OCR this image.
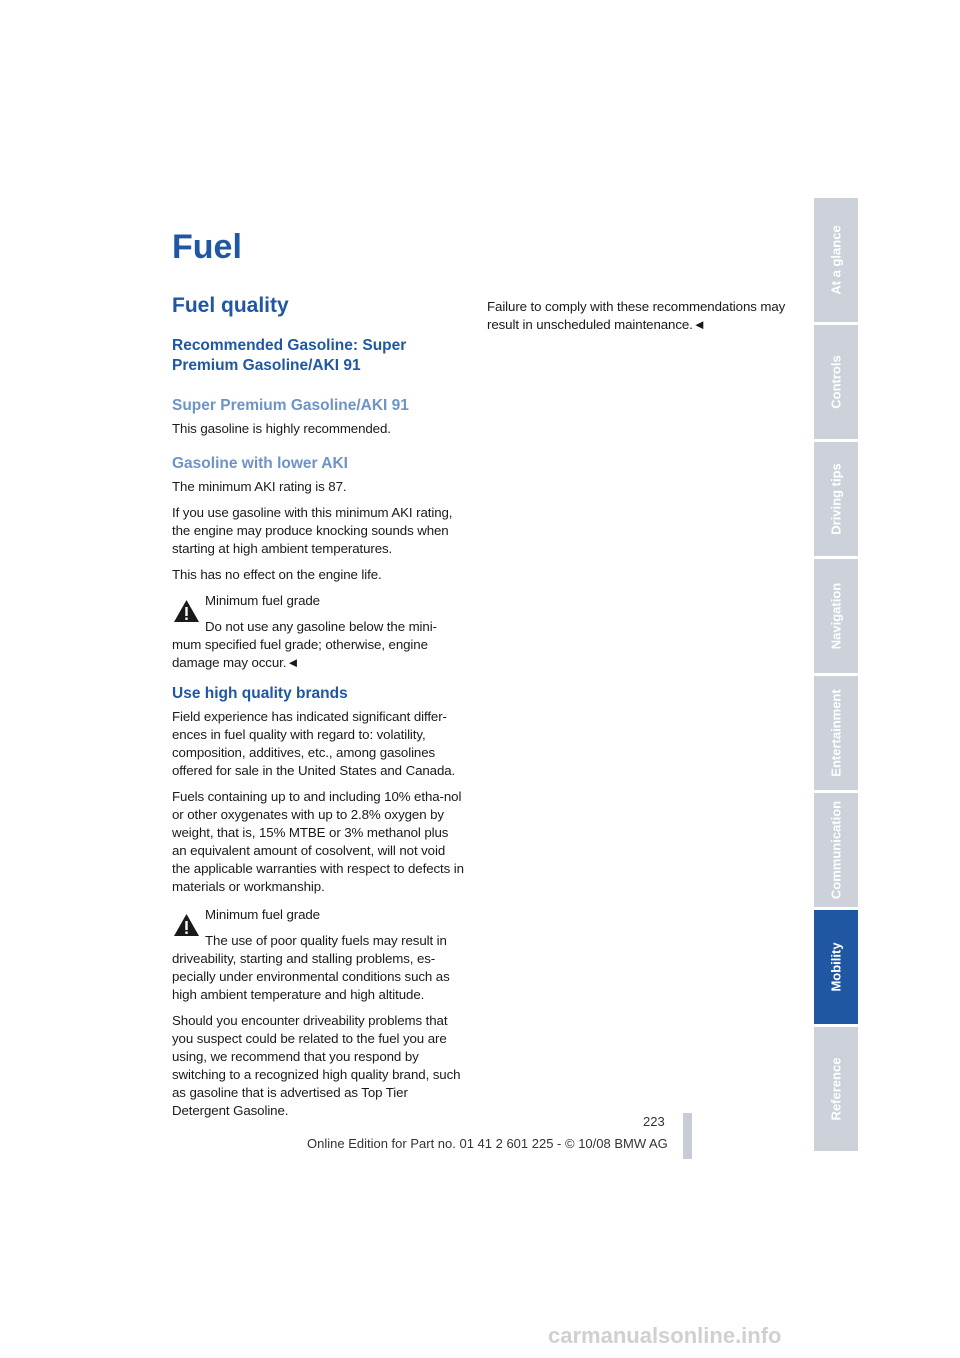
Fuel
Fuel quality
Recommended Gasoline: Super Premium Gasoline/AKI 91
Super Premium Gasoline/AKI 91

This gasoline is highly recommended.

Gasoline with lower AKI

The minimum AKI rating is 87.

If you use gasoline with this minimum AKI rating, the engine may produce knocking sounds when starting at high ambient temperatures.

This has no effect on the engine life.

Minimum fuel grade

Do not use any gasoline below the mini-

mum specified fuel grade; otherwise, engine damage may occur.◄

Use high quality brands

Field experience has indicated significant differ-ences in fuel quality with regard to: volatility, composition, additives, etc., among gasolines offered for sale in the United States and Canada.

Fuels containing up to and including 10% etha-nol or other oxygenates with up to 2.8% oxygen by weight, that is, 15% MTBE or 3% methanol plus an equivalent amount of cosolvent, will not void the applicable warranties with respect to defects in materials or workmanship.

Minimum fuel grade

The use of poor quality fuels may result in

driveability, starting and stalling problems, es-pecially under environmental conditions such as high ambient temperature and high altitude.

Should you encounter driveability problems that you suspect could be related to the fuel you are using, we recommend that you respond by switching to a recognized high quality brand, such as gasoline that is advertised as Top Tier Detergent Gasoline.

Failure to comply with these recommendations may result in unscheduled maintenance.◄

At a glance
Controls
Driving tips
Navigation
Entertainment
Communication
Mobility
Reference
223
Online Edition for Part no. 01 41 2 601 225 - © 10/08 BMW AG
carmanualsonline.info
